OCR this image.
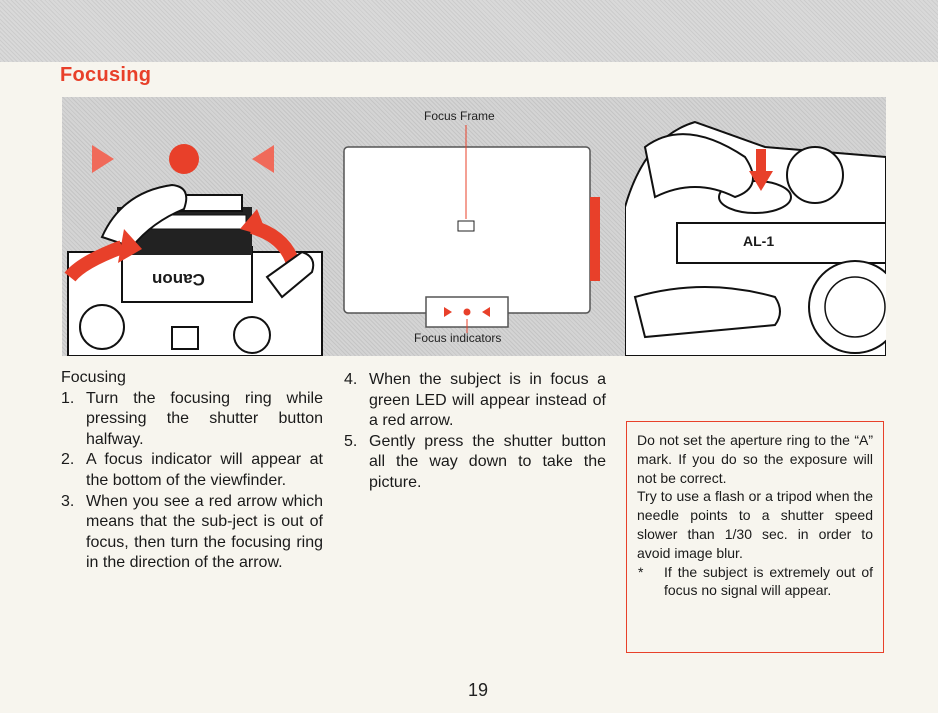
Focusing
Canon
Focus Frame
Focus indicators
AL-1
Focusing
1. Turn the focusing ring while pressing the shutter button halfway.
2. A focus indicator will appear at the bottom of the viewfinder.
3. When you see a red arrow which means that the sub-ject is out of focus, then turn the focusing ring in the direction of the arrow.
4. When the subject is in focus a green LED will appear instead of a red arrow.
5. Gently press the shutter button all the way down to take the picture.

Do not set the aperture ring to the “A” mark. If you do so the exposure will not be correct.

Try to use a flash or a tripod when the needle points to a shutter speed slower than 1/30 sec. in order to avoid image blur.

*	If the subject is extremely out of focus no signal will appear.
19
